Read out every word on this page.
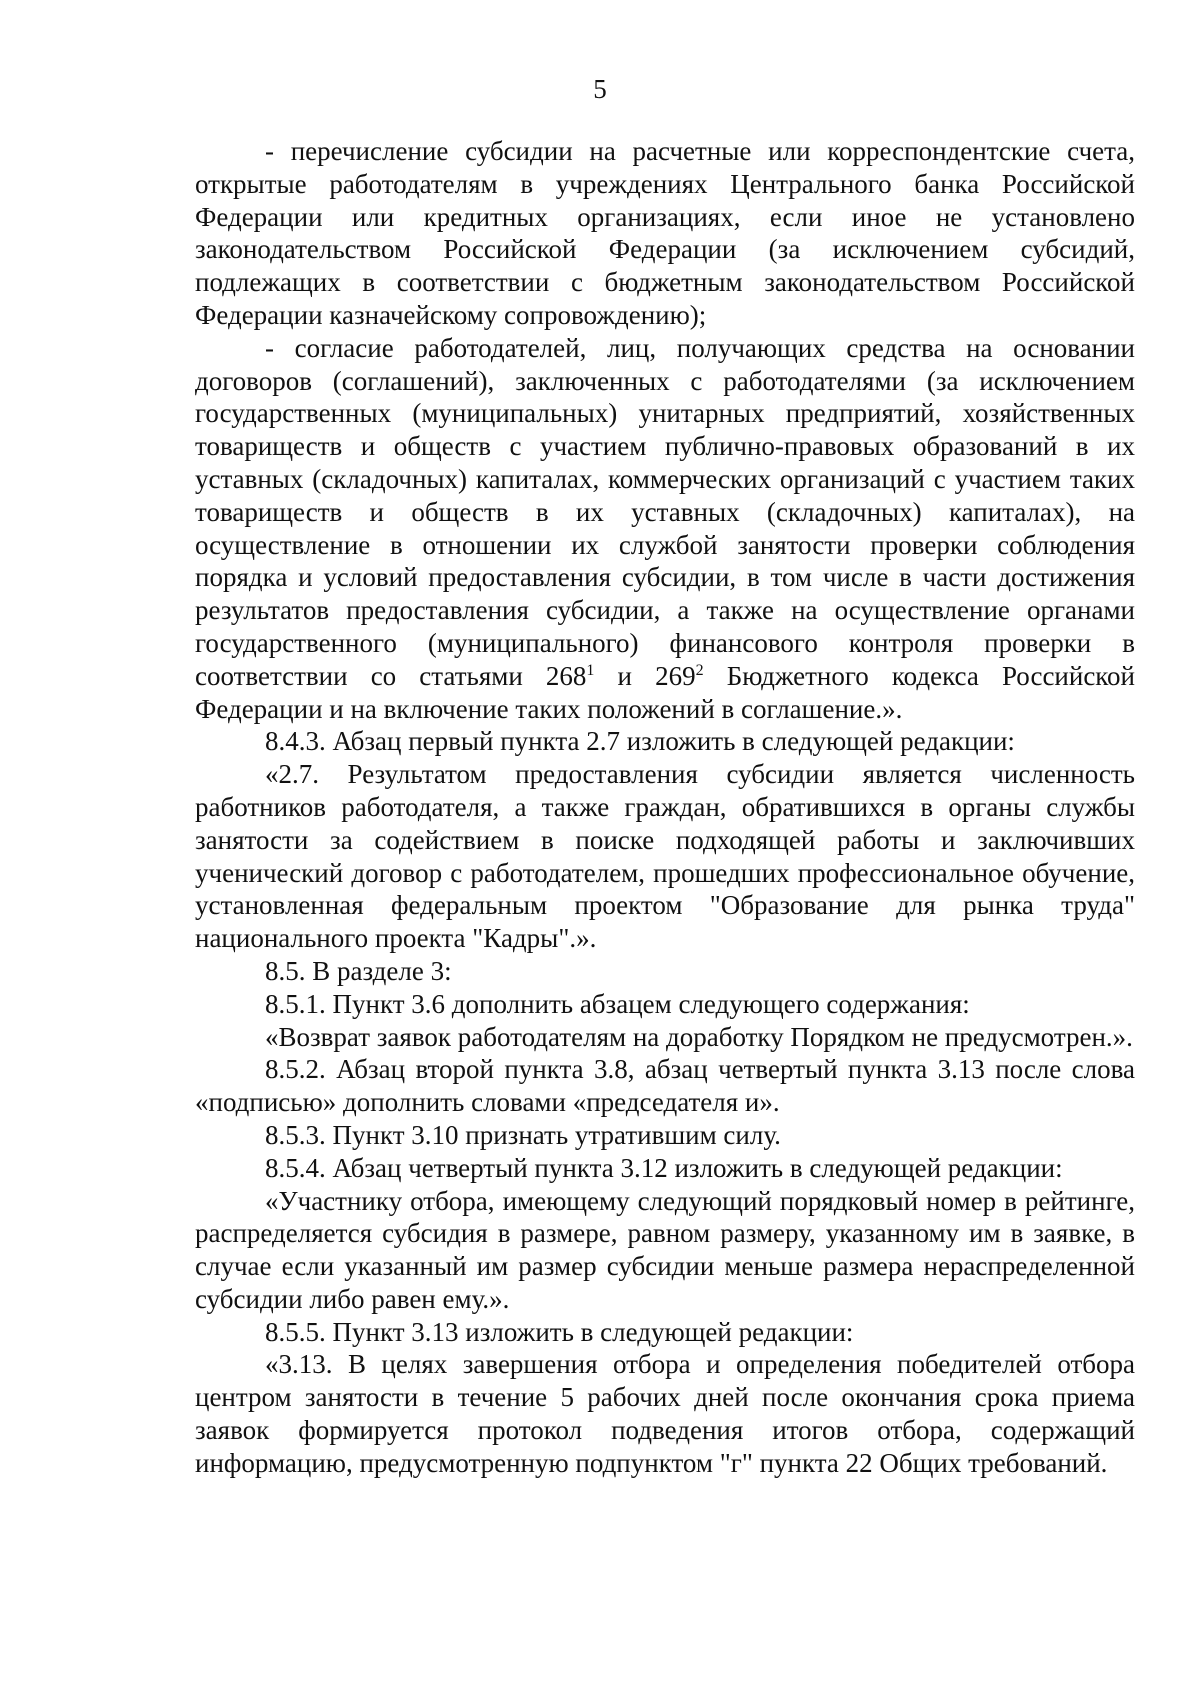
5

- перечисление субсидии на расчетные или корреспондентские счета, открытые работодателям в учреждениях Центрального банка Российской Федерации или кредитных организациях, если иное не установлено законодательством Российской Федерации (за исключением субсидий, подлежащих в соответствии с бюджетным законодательством Российской Федерации казначейскому сопровождению);

- согласие работодателей, лиц, получающих средства на основании договоров (соглашений), заключенных с работодателями (за исключением государственных (муниципальных) унитарных предприятий, хозяйственных товариществ и обществ с участием публично-правовых образований в их уставных (складочных) капиталах, коммерческих организаций с участием таких товариществ и обществ в их уставных (складочных) капиталах), на осуществление в отношении их службой занятости проверки соблюдения порядка и условий предоставления субсидии, в том числе в части достижения результатов предоставления субсидии, а также на осуществление органами государственного (муниципального) финансового контроля проверки в соответствии со статьями $268^1$ и $269^2$ Бюджетного кодекса Российской Федерации и на включение таких положений в соглашение.».

8.4.3. Абзац первый пункта 2.7 изложить в следующей редакции:

«2.7. Результатом предоставления субсидии является численность работников работодателя, а также граждан, обратившихся в органы службы занятости за содействием в поиске подходящей работы и заключивших ученический договор с работодателем, прошедших профессиональное обучение, установленная федеральным проектом "Образование для рынка труда" национального проекта "Кадры".».

8.5. В разделе 3:

8.5.1. Пункт 3.6 дополнить абзацем следующего содержания:

«Возврат заявок работодателям на доработку Порядком не предусмотрен.».

8.5.2. Абзац второй пункта 3.8, абзац четвертый пункта 3.13 после слова «подписью» дополнить словами «председателя и».

8.5.3. Пункт 3.10 признать утратившим силу.

8.5.4. Абзац четвертый пункта 3.12 изложить в следующей редакции:

«Участнику отбора, имеющему следующий порядковый номер в рейтинге, распределяется субсидия в размере, равном размеру, указанному им в заявке, в случае если указанный им размер субсидии меньше размера нераспределенной субсидии либо равен ему.».

8.5.5. Пункт 3.13 изложить в следующей редакции:

«3.13. В целях завершения отбора и определения победителей отбора центром занятости в течение 5 рабочих дней после окончания срока приема заявок формируется протокол подведения итогов отбора, содержащий информацию, предусмотренную подпунктом "г" пункта 22 Общих требований.
